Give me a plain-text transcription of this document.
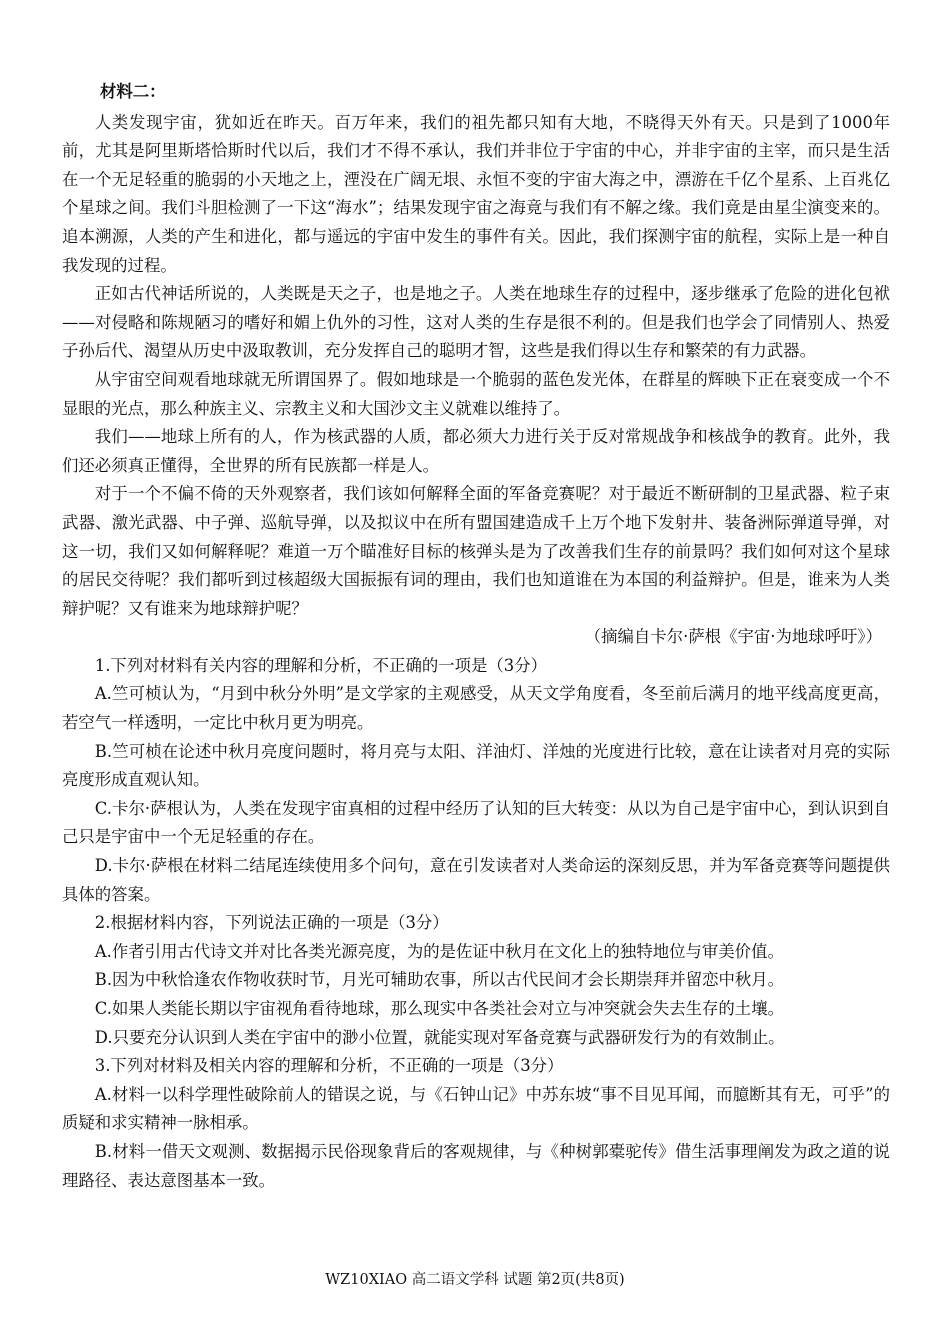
材料二：

人类发现宇宙，犹如近在昨天。百万年来，我们的祖先都只知有大地，不晓得天外有天。只是到了1000年前，尤其是阿里斯塔恰斯时代以后，我们才不得不承认，我们并非位于宇宙的中心，并非宇宙的主宰，而只是生活在一个无足轻重的脆弱的小天地之上，湮没在广阔无垠、永恒不变的宇宙大海之中，漂游在千亿个星系、上百兆亿个星球之间。我们斗胆检测了一下这“海水”；结果发现宇宙之海竟与我们有不解之缘。我们竟是由星尘演变来的。追本溯源，人类的产生和进化，都与遥远的宇宙中发生的事件有关。因此，我们探测宇宙的航程，实际上是一种自我发现的过程。

正如古代神话所说的，人类既是天之子，也是地之子。人类在地球生存的过程中，逐步继承了危险的进化包袱——对侵略和陈规陋习的嗜好和媚上仇外的习性，这对人类的生存是很不利的。但是我们也学会了同情别人、热爱子孙后代、渴望从历史中汲取教训，充分发挥自己的聪明才智，这些是我们得以生存和繁荣的有力武器。

从宇宙空间观看地球就无所谓国界了。假如地球是一个脆弱的蓝色发光体，在群星的辉映下正在衰变成一个不显眼的光点，那么种族主义、宗教主义和大国沙文主义就难以维持了。

我们——地球上所有的人，作为核武器的人质，都必须大力进行关于反对常规战争和核战争的教育。此外，我们还必须真正懂得，全世界的所有民族都一样是人。

对于一个不偏不倚的天外观察者，我们该如何解释全面的军备竞赛呢？对于最近不断研制的卫星武器、粒子束武器、激光武器、中子弹、巡航导弹，以及拟议中在所有盟国建造成千上万个地下发射井、装备洲际弹道导弹，对这一切，我们又如何解释呢？难道一万个瞄准好目标的核弹头是为了改善我们生存的前景吗？我们如何对这个星球的居民交待呢？我们都听到过核超级大国振振有词的理由，我们也知道谁在为本国的利益辩护。但是，谁来为人类辩护呢？又有谁来为地球辩护呢？

（摘编自卡尔·萨根《宇宙·为地球呼吁》）

1.下列对材料有关内容的理解和分析，不正确的一项是（3分）

A.竺可桢认为，“月到中秋分外明”是文学家的主观感受，从天文学角度看，冬至前后满月的地平线高度更高，若空气一样透明，一定比中秋月更为明亮。

B.竺可桢在论述中秋月亮度问题时，将月亮与太阳、洋油灯、洋烛的光度进行比较，意在让读者对月亮的实际亮度形成直观认知。

C.卡尔·萨根认为，人类在发现宇宙真相的过程中经历了认知的巨大转变：从以为自己是宇宙中心，到认识到自己只是宇宙中一个无足轻重的存在。

D.卡尔·萨根在材料二结尾连续使用多个问句，意在引发读者对人类命运的深刻反思，并为军备竞赛等问题提供具体的答案。

2.根据材料内容，下列说法正确的一项是（3分）

A.作者引用古代诗文并对比各类光源亮度，为的是佐证中秋月在文化上的独特地位与审美价值。

B.因为中秋恰逢农作物收获时节，月光可辅助农事，所以古代民间才会长期崇拜并留恋中秋月。

C.如果人类能长期以宇宙视角看待地球，那么现实中各类社会对立与冲突就会失去生存的土壤。

D.只要充分认识到人类在宇宙中的渺小位置，就能实现对军备竞赛与武器研发行为的有效制止。

3.下列对材料及相关内容的理解和分析，不正确的一项是（3分）

A.材料一以科学理性破除前人的错误之说，与《石钟山记》中苏东坡“事不目见耳闻，而臆断其有无，可乎”的质疑和求实精神一脉相承。

B.材料一借天文观测、数据揭示民俗现象背后的客观规律，与《种树郭橐驼传》借生活事理阐发为政之道的说理路径、表达意图基本一致。

WZ10XIAO 高二语文学科 试题 第2页(共8页)
